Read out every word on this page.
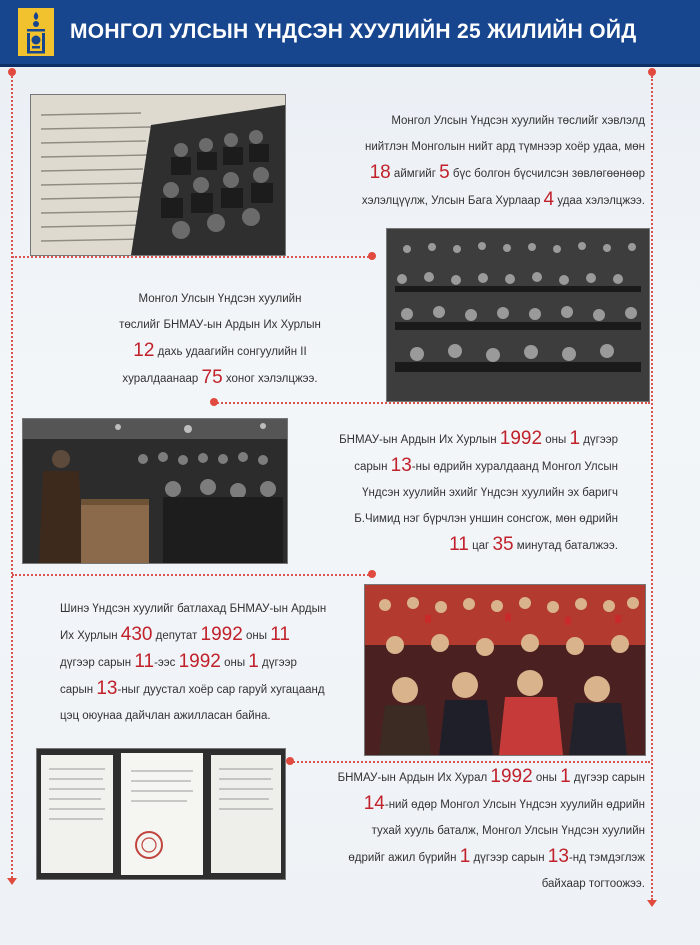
МОНГОЛ УЛСЫН ҮНДСЭН ХУУЛИЙН 25 ЖИЛИЙН ОЙД
Монгол Улсын Үндсэн хуулийн төслийг хэвлэлд
нийтлэн Монголын нийт ард түмнээр хоёр удаа, мөн
18 аймгийг 5 бүс болгон бүсчилсэн зөвлөгөөнөөр
хэлэлцүүлж, Улсын Бага Хурлаар 4 удаа хэлэлцжээ.
Монгол Улсын Үндсэн хуулийн
төслийг БНМАУ-ын Ардын Их Хурлын
12 дахь удаагийн сонгуулийн II
хуралдаанаар 75 хоног хэлэлцжээ.
БНМАУ-ын Ардын Их Хурлын 1992 оны 1 дүгээр
сарын 13-ны өдрийн хуралдаанд Монгол Улсын
Үндсэн хуулийн эхийг Үндсэн хуулийн эх баригч
Б.Чимид нэг бүрчлэн уншин сонсгож, мөн өдрийн
11 цаг 35 минутад баталжээ.
Шинэ Үндсэн хуулийг батлахад БНМАУ-ын Ардын
Их Хурлын 430 депутат 1992 оны 11
дүгээр сарын 11-ээс 1992 оны 1 дүгээр
сарын 13-ныг дуустал хоёр сар гаруй хугацаанд
цэц оюунаа дайчлан ажилласан байна.
БНМАУ-ын Ардын Их Хурал 1992 оны 1 дүгээр сарын
14-ний өдөр Монгол Улсын Үндсэн хуулийн өдрийн
тухай хууль баталж, Монгол Улсын Үндсэн хуулийн
өдрийг ажил бүрийн 1 дүгээр сарын 13-нд тэмдэглэж
байхаар тогтоожээ.
